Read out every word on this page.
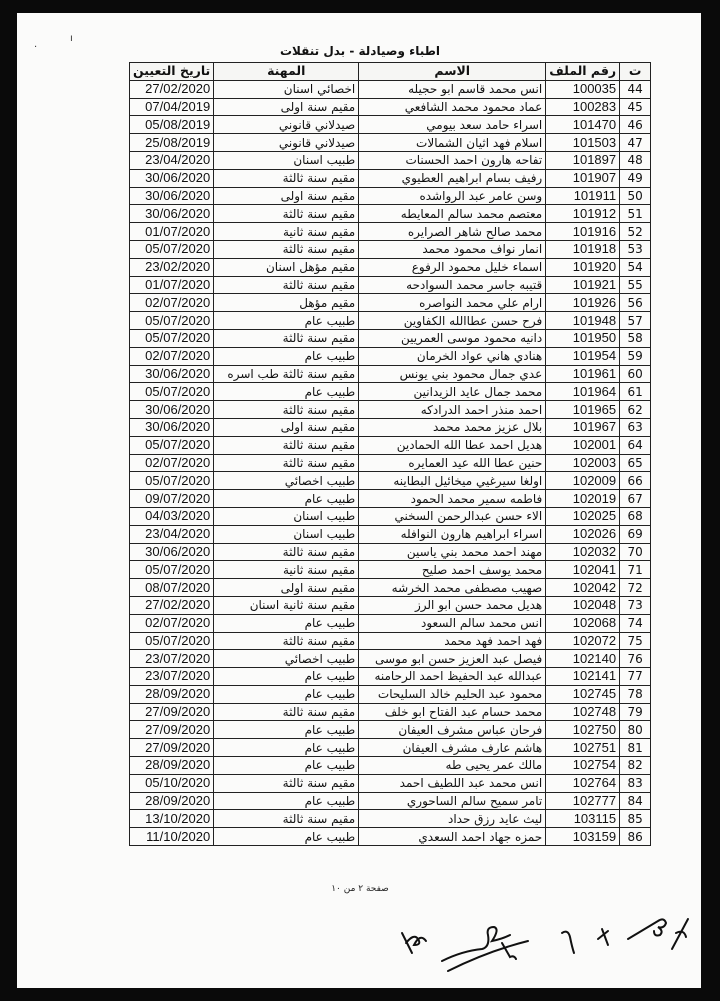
·
ı
اطباء وصيادلة - بدل تنقلات
ت	رقم الملف	الاسم	المهنة	تاريخ التعيين
44	100035	انس محمد قاسم ابو حجيله	اخصائي اسنان	27/02/2020
45	100283	عماد محمود محمد الشافعي	مقيم سنة اولى	07/04/2019
46	101470	اسراء حامد سعد بيومي	صيدلاني قانوني	05/08/2019
47	101503	اسلام فهد اثيان الشمالات	صيدلاني قانوني	25/08/2019
48	101897	تفاحه هارون احمد الحسنات	طبيب اسنان	23/04/2020
49	101907	رفيف بسام ابراهيم العطيوي	مقيم سنة ثالثة	30/06/2020
50	101911	وسن عامر عبد الرواشده	مقيم سنة اولى	30/06/2020
51	101912	معتصم محمد سالم المعايطه	مقيم سنة ثالثة	30/06/2020
52	101916	محمد صالح شاهر الصرايره	مقيم سنة ثانية	01/07/2020
53	101918	انمار نواف محمود محمد	مقيم سنة ثالثة	05/07/2020
54	101920	اسماء خليل محمود الرفوع	مقيم مؤهل اسنان	23/02/2020
55	101921	قتيبه جاسر محمد السوادحه	مقيم سنة ثالثة	01/07/2020
56	101926	ارام علي محمد النواصره	مقيم مؤهل	02/07/2020
57	101948	فرح حسن عطاالله الكفاوين	طبيب عام	05/07/2020
58	101950	دانيه محمود موسى العمريين	مقيم سنة ثالثة	05/07/2020
59	101954	هنادي هاني عواد الخرمان	طبيب عام	02/07/2020
60	101961	عدي جمال محمود بني يونس	مقيم سنة ثالثة طب اسره	30/06/2020
61	101964	محمد جمال عايد الزيدانين	طبيب عام	05/07/2020
62	101965	احمد منذر احمد الدرادكه	مقيم سنة ثالثة	30/06/2020
63	101967	بلال عزيز محمد محمد	مقيم سنة اولى	30/06/2020
64	102001	هديل احمد عطا الله الحمادين	مقيم سنة ثالثة	05/07/2020
65	102003	حنين عطا الله عيد العمايره	مقيم سنة ثالثة	02/07/2020
66	102009	اولغا سيرغيي ميخائيل البطاينه	طبيب اخصائي	05/07/2020
67	102019	فاطمه سمير محمد الحمود	طبيب عام	09/07/2020
68	102025	الاء حسن عبدالرحمن السخني	طبيب اسنان	04/03/2020
69	102026	اسراء ابراهيم هارون النوافله	طبيب اسنان	23/04/2020
70	102032	مهند احمد محمد بني ياسين	مقيم سنة ثالثة	30/06/2020
71	102041	محمد يوسف احمد صليح	مقيم سنة ثانية	05/07/2020
72	102042	صهيب مصطفى محمد الخرشه	مقيم سنة اولى	08/07/2020
73	102048	هديل محمد حسن ابو الرز	مقيم سنة ثانية اسنان	27/02/2020
74	102068	انس محمد سالم السعود	طبيب عام	02/07/2020
75	102072	فهد احمد فهد محمد	مقيم سنة ثالثة	05/07/2020
76	102140	فيصل عبد العزيز حسن ابو موسى	طبيب اخصائي	23/07/2020
77	102141	عبدالله عبد الحفيظ احمد الرحامنه	طبيب عام	23/07/2020
78	102745	محمود عبد الحليم خالد السليحات	طبيب عام	28/09/2020
79	102748	محمد حسام عبد الفتاح ابو خلف	مقيم سنة ثالثة	27/09/2020
80	102750	فرحان عباس مشرف العيفان	طبيب عام	27/09/2020
81	102751	هاشم عارف مشرف العيفان	طبيب عام	27/09/2020
82	102754	مالك عمر يحيى طه	طبيب عام	28/09/2020
83	102764	انس محمد عبد اللطيف احمد	مقيم سنة ثالثة	05/10/2020
84	102777	تامر سميح سالم الساحوري	طبيب عام	28/09/2020
85	103115	ليث عايد رزق حداد	مقيم سنة ثالثة	13/10/2020
86	103159	حمزه جهاد احمد السعدي	طبيب عام	11/10/2020
صفحة ٢ من ١٠
